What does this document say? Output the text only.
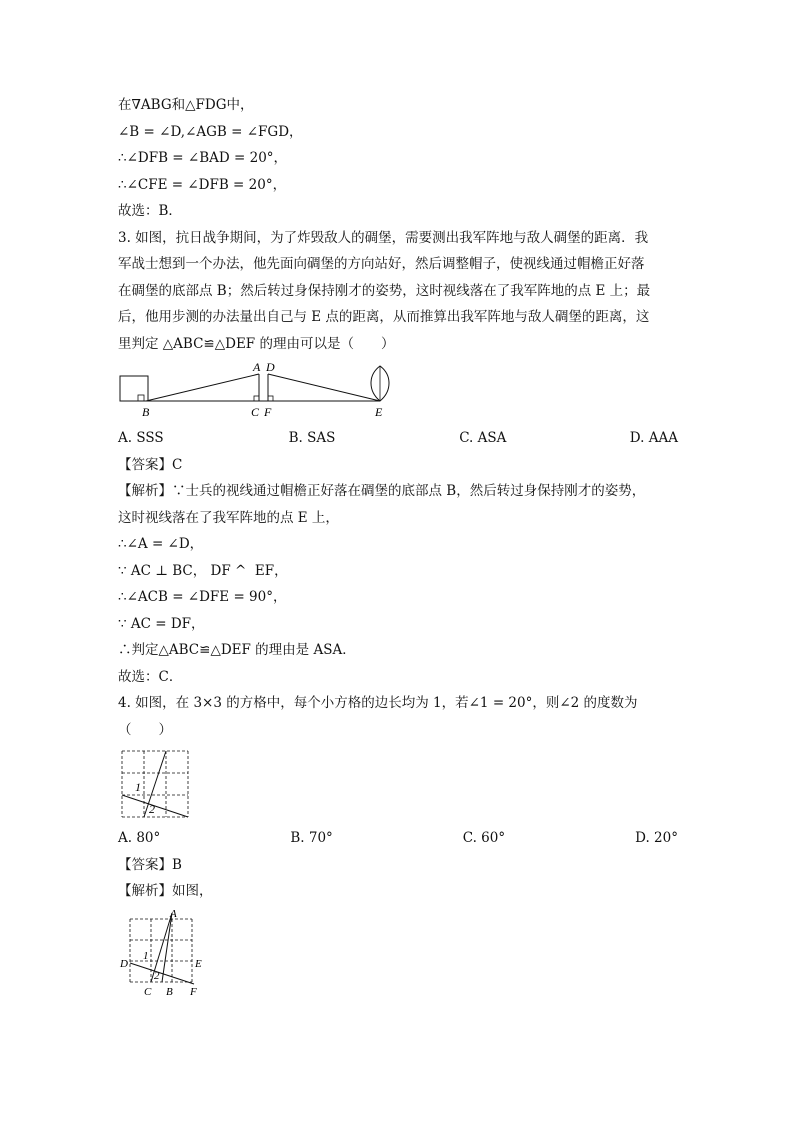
在∇ABG和△FDG中，
∠B = ∠D,∠AGB = ∠FGD，
∴∠DFB = ∠BAD = 20°，
∴∠CFE = ∠DFB = 20°，
故选：B．
3. 如图，抗日战争期间，为了炸毁敌人的碉堡，需要测出我军阵地与敌人碉堡的距离．我
军战士想到一个办法，他先面向碉堡的方向站好，然后调整帽子，使视线通过帽檐正好落
在碉堡的底部点 B；然后转过身保持刚才的姿势，这时视线落在了我军阵地的点 E 上；最
后，他用步测的办法量出自己与 E 点的距离，从而推算出我军阵地与敌人碉堡的距离，这
里判定 △ABC≌△DEF 的理由可以是（　　）
A D
B	C F	E
A. SSS	B. SAS	C. ASA	D. AAA
【答案】C
【解析】∵士兵的视线通过帽檐正好落在碉堡的底部点 B，然后转过身保持刚才的姿势，
这时视线落在了我军阵地的点 E 上，
∴∠A = ∠D，
∵ AC ⊥ BC， DF ^  EF，
∴∠ACB = ∠DFE = 90°，
∵ AC = DF，
∴判定△ABC≌△DEF 的理由是 ASA．
故选：C．
4. 如图，在 3×3 的方格中，每个小方格的边长均为 1，若∠1 = 20°，则∠2 的度数为
（　　）
1
2
A. 80°	B. 70°	C. 60°	D. 20°
【答案】B
【解析】如图，
A
D	E
C B F
1
2
